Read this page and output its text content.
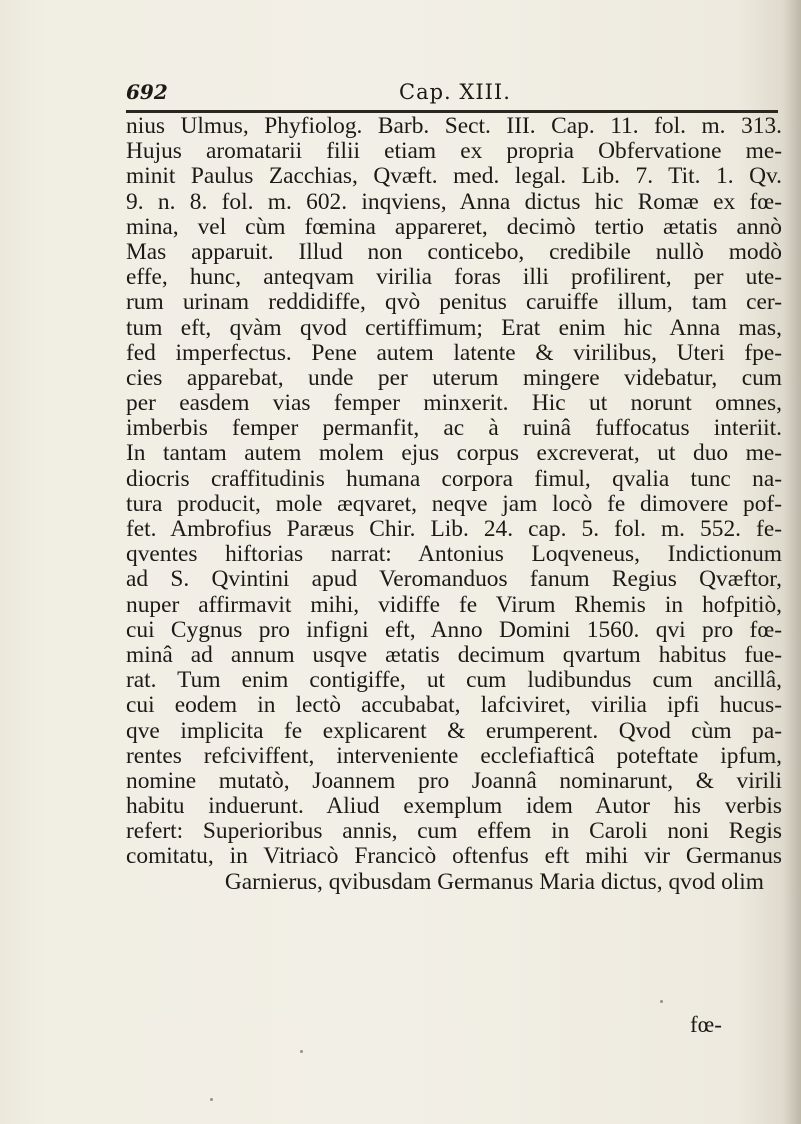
692	Cap. XIII.
nius Ulmus, Phyfiolog. Barb. Sect. III. Cap. 11. fol. m. 313.
Hujus aromatarii filii etiam ex propria Obfervatione me-
minit Paulus Zacchias, Qvæft. med. legal. Lib. 7. Tit. 1. Qv.
9. n. 8. fol. m. 602. inqviens, Anna dictus hic Romæ ex fœ-
mina, vel cùm fœmina appareret, decimò tertio ætatis annò
Mas apparuit. Illud non conticebo, credibile nullò modò
effe, hunc, anteqvam virilia foras illi profilirent, per ute-
rum urinam reddidiffe, qvò penitus caruiffe illum, tam cer-
tum eft, qvàm qvod certiffimum; Erat enim hic Anna mas,
fed imperfectus. Pene autem latente & virilibus, Uteri fpe-
cies apparebat, unde per uterum mingere videbatur, cum
per easdem vias femper minxerit. Hic ut norunt omnes,
imberbis femper permanfit, ac à ruinâ fuffocatus interiit.
In tantam autem molem ejus corpus excreverat, ut duo me-
diocris craffitudinis humana corpora fimul, qvalia tunc na-
tura producit, mole æqvaret, neqve jam locò fe dimovere pof-
fet. Ambrofius Paræus Chir. Lib. 24. cap. 5. fol. m. 552. fe-
qventes hiftorias narrat: Antonius Loqveneus, Indictionum
ad S. Qvintini apud Veromanduos fanum Regius Qvæftor,
nuper affirmavit mihi, vidiffe fe Virum Rhemis in hofpitiò,
cui Cygnus pro infigni eft, Anno Domini 1560. qvi pro fœ-
minâ ad annum usqve ætatis decimum qvartum habitus fue-
rat. Tum enim contigiffe, ut cum ludibundus cum ancillâ,
cui eodem in lectò accubabat, lafciviret, virilia ipfi hucus-
qve implicita fe explicarent & erumperent. Qvod cùm pa-
rentes refciviffent, interveniente ecclefiafticâ poteftate ipfum,
nomine mutatò, Joannem pro Joannâ nominarunt, & virili
habitu induerunt. Aliud exemplum idem Autor his verbis
refert: Superioribus annis, cum effem in Caroli noni Regis
comitatu, in Vitriacò Francicò oftenfus eft mihi vir Germanus
Garnierus, qvibusdam Germanus Maria dictus, qvod olim
fœ-
